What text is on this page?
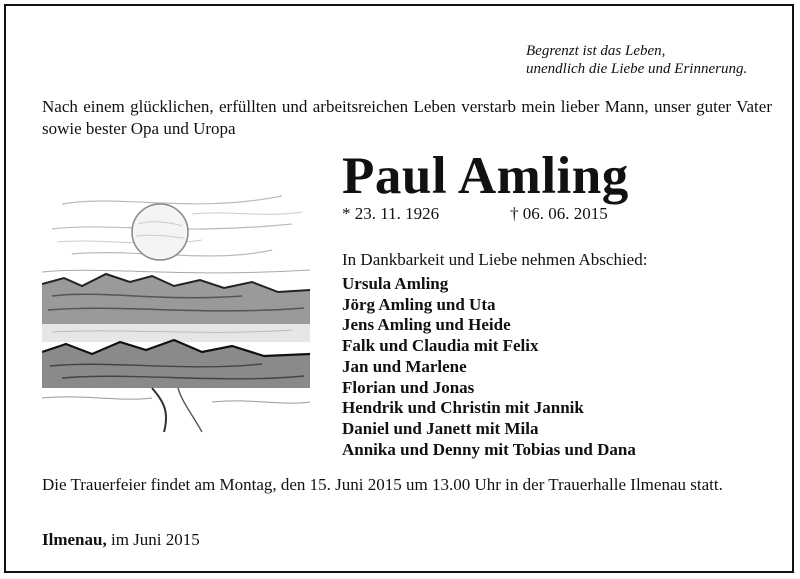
Begrenzt ist das Leben,
unendlich die Liebe und Erinnerung.
Nach einem glücklichen, erfüllten und arbeitsreichen Leben verstarb mein lieber Mann, unser guter Vater sowie bester Opa und Uropa
Paul Amling
* 23. 11. 1926	† 06. 06. 2015
In Dankbarkeit und Liebe nehmen Abschied:
Ursula Amling
Jörg Amling und Uta
Jens Amling und Heide
Falk und Claudia mit Felix
Jan und Marlene
Florian und Jonas
Hendrik und Christin mit Jannik
Daniel und Janett mit Mila
Annika und Denny mit Tobias und Dana
Die Trauerfeier findet am Montag, den 15. Juni 2015 um 13.00 Uhr in der Trauerhalle Ilmenau statt.
Ilmenau, im Juni 2015
